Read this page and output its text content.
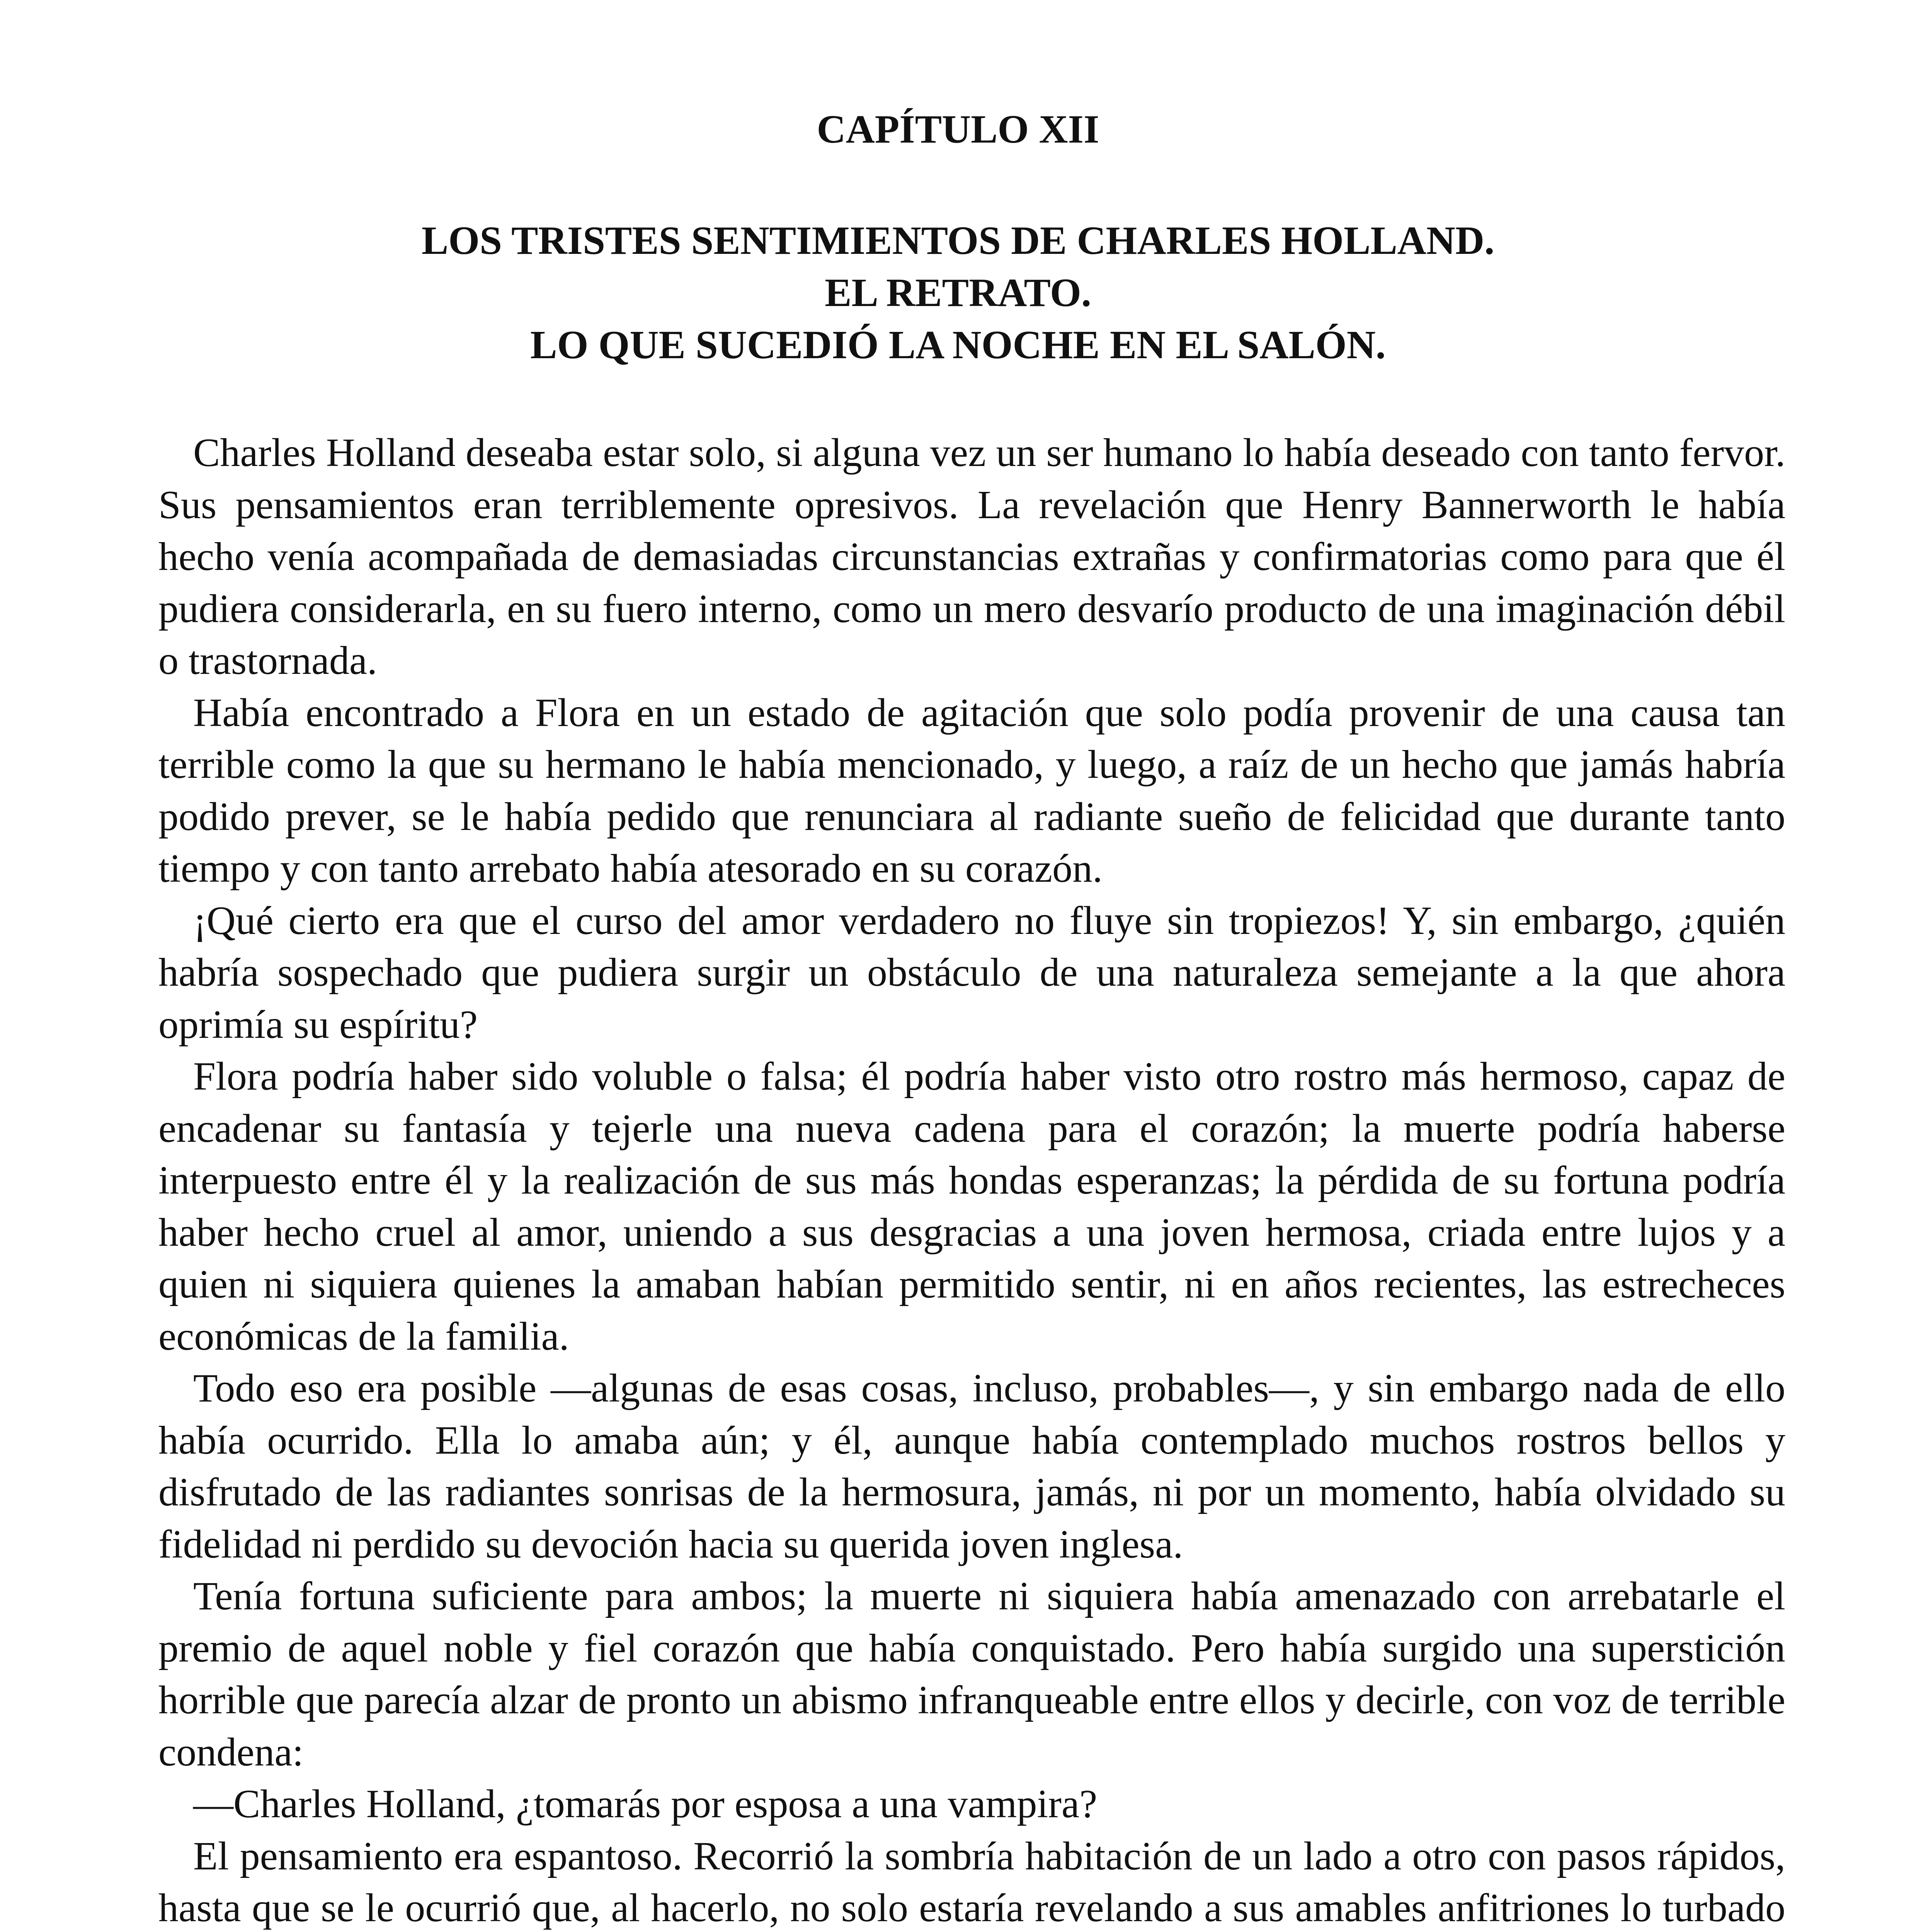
CAPÍTULO XII
LOS TRISTES SENTIMIENTOS DE CHARLES HOLLAND.
EL RETRATO.
LO QUE SUCEDIÓ LA NOCHE EN EL SALÓN.

Charles Holland deseaba estar solo, si alguna vez un ser humano lo había deseado con tanto fervor. Sus pensamientos eran terriblemente opresivos. La revelación que Henry Bannerworth le había hecho venía acompañada de demasiadas circunstancias extrañas y confirmatorias como para que él pudiera considerarla, en su fuero interno, como un mero desvarío producto de una imaginación débil o trastornada.

Había encontrado a Flora en un estado de agitación que solo podía provenir de una causa tan terrible como la que su hermano le había mencionado, y luego, a raíz de un hecho que jamás habría podido prever, se le había pedido que renunciara al radiante sueño de felicidad que durante tanto tiempo y con tanto arrebato había atesorado en su corazón.

¡Qué cierto era que el curso del amor verdadero no fluye sin tropiezos! Y, sin embargo, ¿quién habría sospechado que pudiera surgir un obstáculo de una naturaleza semejante a la que ahora oprimía su espíritu?

Flora podría haber sido voluble o falsa; él podría haber visto otro rostro más hermoso, capaz de encadenar su fantasía y tejerle una nueva cadena para el corazón; la muerte podría haberse interpuesto entre él y la realización de sus más hondas esperanzas; la pérdida de su fortuna podría haber hecho cruel al amor, uniendo a sus desgracias a una joven hermosa, criada entre lujos y a quien ni siquiera quienes la amaban habían permitido sentir, ni en años recientes, las estrecheces económicas de la familia.

Todo eso era posible —algunas de esas cosas, incluso, probables—, y sin embargo nada de ello había ocurrido. Ella lo amaba aún; y él, aunque había contemplado muchos rostros bellos y disfrutado de las radiantes sonrisas de la hermosura, jamás, ni por un momento, había olvidado su fidelidad ni perdido su devoción hacia su querida joven inglesa.

Tenía fortuna suficiente para ambos; la muerte ni siquiera había amenazado con arrebatarle el premio de aquel noble y fiel corazón que había conquistado. Pero había surgido una superstición horrible que parecía alzar de pronto un abismo infranqueable entre ellos y decirle, con voz de terrible condena:

—Charles Holland, ¿tomarás por esposa a una vampira?

El pensamiento era espantoso. Recorrió la sombría habitación de un lado a otro con pasos rápidos, hasta que se le ocurrió que, al hacerlo, no solo estaría revelando a sus amables anfitriones lo turbado
